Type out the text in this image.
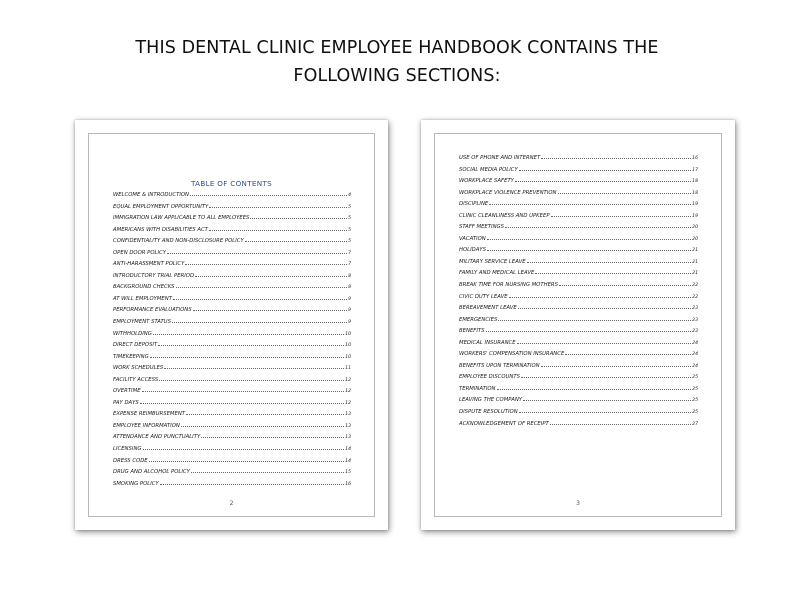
THIS DENTAL CLINIC EMPLOYEE HANDBOOK CONTAINS THE
FOLLOWING SECTIONS:
TABLE OF CONTENTS
WELCOME & INTRODUCTION	4
EQUAL EMPLOYMENT OPPORTUNITY	5
IMMIGRATION LAW APPLICABLE TO ALL EMPLOYEES	5
AMERICANS WITH DISABILITIES ACT	5
CONFIDENTIALITY AND NON-DISCLOSURE POLICY	5
OPEN DOOR POLICY	7
ANTI-HARASSMENT POLICY	7
INTRODUCTORY TRIAL PERIOD	8
BACKGROUND CHECKS	8
AT WILL EMPLOYMENT	9
PERFORMANCE EVALUATIONS	9
EMPLOYMENT STATUS	9
WITHHOLDING	10
DIRECT DEPOSIT	10
TIMEKEEPING	10
WORK SCHEDULES	11
FACILITY ACCESS	12
OVERTIME	12
PAY DAYS	12
EXPENSE REIMBURSEMENT	13
EMPLOYEE INFORMATION	13
ATTENDANCE AND PUNCTUALITY	13
LICENSING	14
DRESS CODE	14
DRUG AND ALCOHOL POLICY	15
SMOKING POLICY	16
2
USE OF PHONE AND INTERNET	16
SOCIAL MEDIA POLICY	17
WORKPLACE SAFETY	18
WORKPLACE VIOLENCE PREVENTION	18
DISCIPLINE	19
CLINIC CLEANLINESS AND UPKEEP	19
STAFF MEETINGS	20
VACATION	20
HOLIDAYS	21
MILITARY SERVICE LEAVE	21
FAMILY AND MEDICAL LEAVE	21
BREAK TIME FOR NURSING MOTHERS	22
CIVIC DUTY LEAVE	22
BEREAVEMENT LEAVE	23
EMERGENCIES	23
BENEFITS	23
MEDICAL INSURANCE	24
WORKERS' COMPENSATION INSURANCE	24
BENEFITS UPON TERMINATION	24
EMPLOYEE DISCOUNTS	25
TERMINATION	25
LEAVING THE COMPANY	25
DISPUTE RESOLUTION	25
ACKNOWLEDGEMENT OF RECEIPT	27
3
